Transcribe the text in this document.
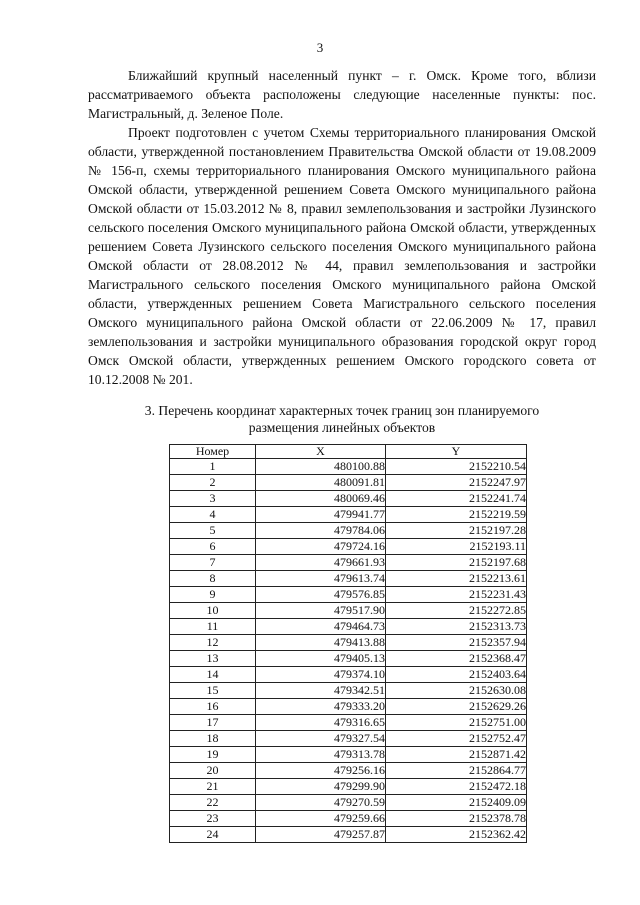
3

Ближайший крупный населенный пункт – г. Омск. Кроме того, вблизи рассматриваемого объекта расположены следующие населенные пункты: пос. Магистральный, д. Зеленое Поле.

Проект подготовлен с учетом Схемы территориального планирования Омской области, утвержденной постановлением Правительства Омской области от 19.08.2009 № 156-п, схемы территориального планирования Омского муниципального района Омской области, утвержденной решением Совета Омского муниципального района Омской области от 15.03.2012 № 8, правил землепользования и застройки Лузинского сельского поселения Омского муниципального района Омской области, утвержденных решением Совета Лузинского сельского поселения Омского муниципального района Омской области от 28.08.2012 № 44, правил землепользования и застройки Магистрального сельского поселения Омского муниципального района Омской области, утвержденных решением Совета Магистрального сельского поселения Омского муниципального района Омской области от 22.06.2009 № 17, правил землепользования и застройки муниципального образования городской округ город Омск Омской области, утвержденных решением Омского городского совета от 10.12.2008 № 201.

3. Перечень координат характерных точек границ зон планируемого
размещения линейных объектов
Номер	X	Y
1	480100.88	2152210.54
2	480091.81	2152247.97
3	480069.46	2152241.74
4	479941.77	2152219.59
5	479784.06	2152197.28
6	479724.16	2152193.11
7	479661.93	2152197.68
8	479613.74	2152213.61
9	479576.85	2152231.43
10	479517.90	2152272.85
11	479464.73	2152313.73
12	479413.88	2152357.94
13	479405.13	2152368.47
14	479374.10	2152403.64
15	479342.51	2152630.08
16	479333.20	2152629.26
17	479316.65	2152751.00
18	479327.54	2152752.47
19	479313.78	2152871.42
20	479256.16	2152864.77
21	479299.90	2152472.18
22	479270.59	2152409.09
23	479259.66	2152378.78
24	479257.87	2152362.42
